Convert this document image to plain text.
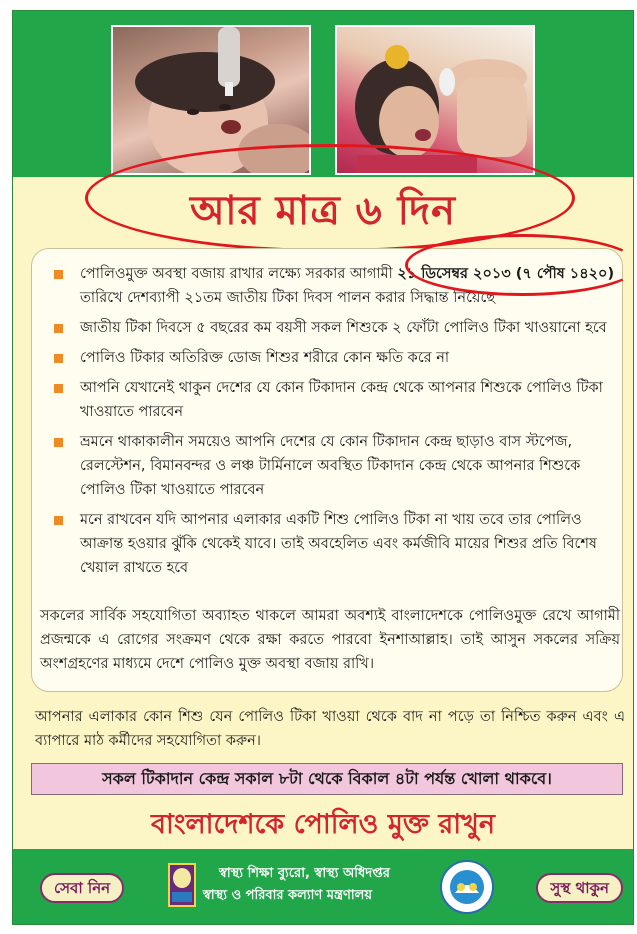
আর মাত্র ৬ দিন
পোলিওমুক্ত অবস্থা বজায় রাখার লক্ষ্যে সরকার আগামী ২১ ডিসেম্বর ২০১৩ (৭ পৌষ ১৪২০) তারিখে দেশব্যাপী ২১তম জাতীয় টিকা দিবস পালন করার সিদ্ধান্ত নিয়েছে
জাতীয় টিকা দিবসে ৫ বছরের কম বয়সী সকল শিশুকে ২ ফোঁটা পোলিও টিকা খাওয়ানো হবে
পোলিও টিকার অতিরিক্ত ডোজ শিশুর শরীরে কোন ক্ষতি করে না
আপনি যেখানেই থাকুন দেশের যে কোন টিকাদান কেন্দ্র থেকে আপনার শিশুকে পোলিও টিকা খাওয়াতে পারবেন
ভ্রমনে থাকাকালীন সময়েও আপনি দেশের যে কোন টিকাদান কেন্দ্র ছাড়াও বাস স্টপেজ, রেলস্টেশন, বিমানবন্দর ও লঞ্চ টার্মিনালে অবস্থিত টিকাদান কেন্দ্র থেকে আপনার শিশুকে পোলিও টিকা খাওয়াতে পারবেন
মনে রাখবেন যদি আপনার এলাকার একটি শিশু পোলিও টিকা না খায় তবে তার পোলিও আক্রান্ত হওয়ার ঝুঁকি থেকেই যাবে। তাই অবহেলিত এবং কর্মজীবি মায়ের শিশুর প্রতি বিশেষ খেয়াল রাখতে হবে

সকলের সার্বিক সহযোগিতা অব্যাহত থাকলে আমরা অবশ্যই বাংলাদেশকে পোলিওমুক্ত রেখে আগামী প্রজন্মকে এ রোগের সংক্রমণ থেকে রক্ষা করতে পারবো ইনশাআল্লাহ। তাই আসুন সকলের সক্রিয় অংশগ্রহণের মাধ্যমে দেশে পোলিও মুক্ত অবস্থা বজায় রাখি।

আপনার এলাকার কোন শিশু যেন পোলিও টিকা খাওয়া থেকে বাদ না পড়ে তা নিশ্চিত করুন এবং এ ব্যাপারে মাঠ কর্মীদের সহযোগিতা করুন।

সকল টিকাদান কেন্দ্র সকাল ৮টা থেকে বিকাল ৪টা পর্যন্ত খোলা থাকবে।
বাংলাদেশকে পোলিও মুক্ত রাখুন
সেবা নিন
স্বাস্থ্য শিক্ষা ব্যুরো, স্বাস্থ্য অধিদপ্তর
স্বাস্থ্য ও পরিবার কল্যাণ মন্ত্রণালয়	সুস্থ থাকুন
